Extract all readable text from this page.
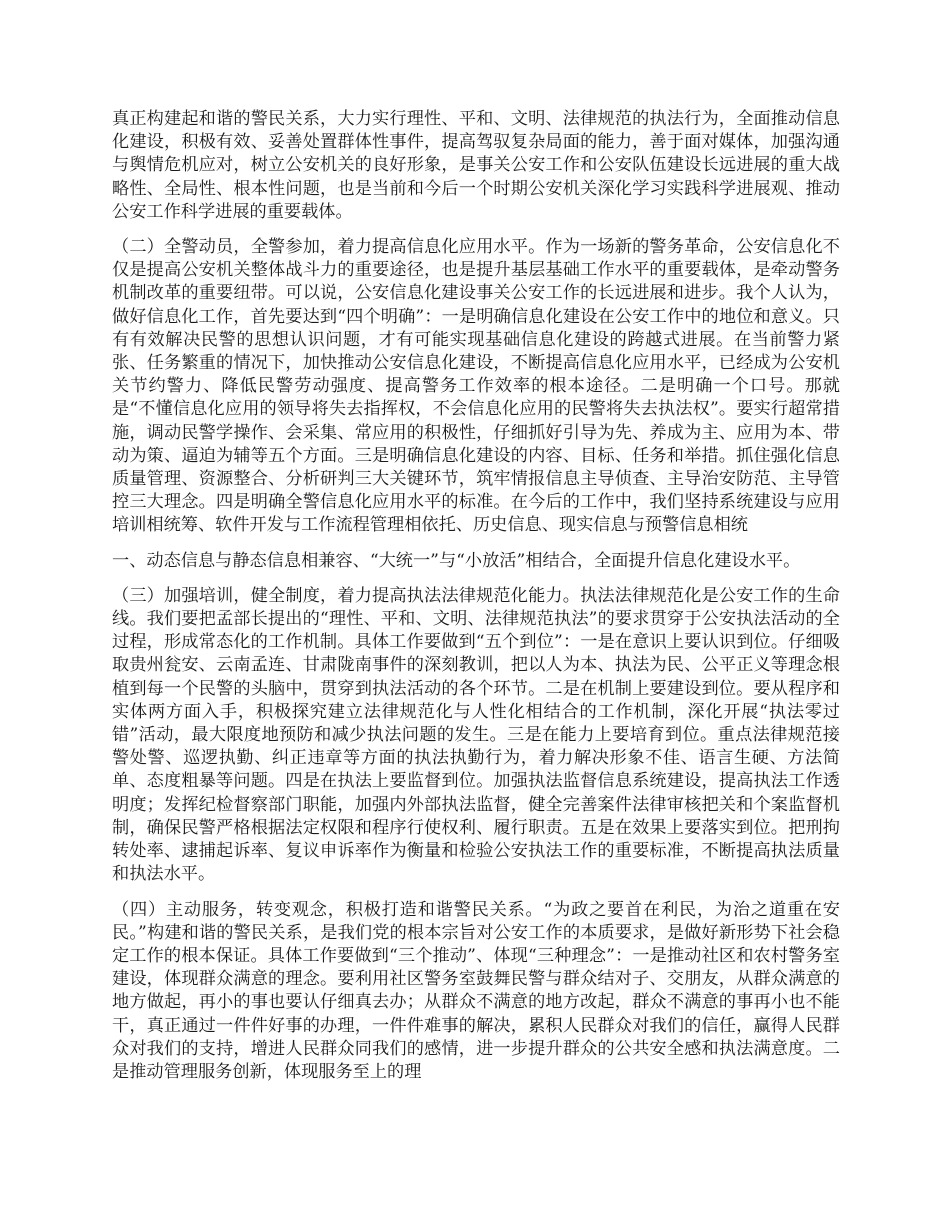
真正构建起和谐的警民关系，大力实行理性、平和、文明、法律规范的执法行为，全面推动信息化建设，积极有效、妥善处置群体性事件，提高驾驭复杂局面的能力，善于面对媒体，加强沟通与舆情危机应对，树立公安机关的良好形象，是事关公安工作和公安队伍建设长远进展的重大战略性、全局性、根本性问题，也是当前和今后一个时期公安机关深化学习实践科学进展观、推动公安工作科学进展的重要载体。

（二）全警动员，全警参加，着力提高信息化应用水平。作为一场新的警务革命，公安信息化不仅是提高公安机关整体战斗力的重要途径，也是提升基层基础工作水平的重要载体，是牵动警务机制改革的重要纽带。可以说，公安信息化建设事关公安工作的长远进展和进步。我个人认为，做好信息化工作，首先要达到“四个明确”：一是明确信息化建设在公安工作中的地位和意义。只有有效解决民警的思想认识问题，才有可能实现基础信息化建设的跨越式进展。在当前警力紧张、任务繁重的情况下，加快推动公安信息化建设，不断提高信息化应用水平，已经成为公安机关节约警力、降低民警劳动强度、提高警务工作效率的根本途径。二是明确一个口号。那就是“不懂信息化应用的领导将失去指挥权，不会信息化应用的民警将失去执法权”。要实行超常措施，调动民警学操作、会采集、常应用的积极性，仔细抓好引导为先、养成为主、应用为本、带动为策、逼迫为辅等五个方面。三是明确信息化建设的内容、目标、任务和举措。抓住强化信息质量管理、资源整合、分析研判三大关键环节，筑牢情报信息主导侦查、主导治安防范、主导管控三大理念。四是明确全警信息化应用水平的标准。在今后的工作中，我们坚持系统建设与应用培训相统筹、软件开发与工作流程管理相依托、历史信息、现实信息与预警信息相统

一、动态信息与静态信息相兼容、“大统一”与“小放活”相结合，全面提升信息化建设水平。

（三）加强培训，健全制度，着力提高执法法律规范化能力。执法法律规范化是公安工作的生命线。我们要把孟部长提出的“理性、平和、文明、法律规范执法”的要求贯穿于公安执法活动的全过程，形成常态化的工作机制。具体工作要做到“五个到位”：一是在意识上要认识到位。仔细吸取贵州瓮安、云南孟连、甘肃陇南事件的深刻教训，把以人为本、执法为民、公平正义等理念根植到每一个民警的头脑中，贯穿到执法活动的各个环节。二是在机制上要建设到位。要从程序和实体两方面入手，积极探究建立法律规范化与人性化相结合的工作机制，深化开展“执法零过错”活动，最大限度地预防和减少执法问题的发生。三是在能力上要培育到位。重点法律规范接警处警、巡逻执勤、纠正违章等方面的执法执勤行为，着力解决形象不佳、语言生硬、方法简单、态度粗暴等问题。四是在执法上要监督到位。加强执法监督信息系统建设，提高执法工作透明度；发挥纪检督察部门职能，加强内外部执法监督，健全完善案件法律审核把关和个案监督机制，确保民警严格根据法定权限和程序行使权利、履行职责。五是在效果上要落实到位。把刑拘转处率、逮捕起诉率、复议申诉率作为衡量和检验公安执法工作的重要标准，不断提高执法质量和执法水平。

（四）主动服务，转变观念，积极打造和谐警民关系。“为政之要首在利民，为治之道重在安民。”构建和谐的警民关系，是我们党的根本宗旨对公安工作的本质要求，是做好新形势下社会稳定工作的根本保证。具体工作要做到“三个推动”、体现“三种理念”：一是推动社区和农村警务室建设，体现群众满意的理念。要利用社区警务室鼓舞民警与群众结对子、交朋友，从群众满意的地方做起，再小的事也要认仔细真去办；从群众不满意的地方改起，群众不满意的事再小也不能干，真正通过一件件好事的办理，一件件难事的解决，累积人民群众对我们的信任，赢得人民群众对我们的支持，增进人民群众同我们的感情，进一步提升群众的公共安全感和执法满意度。二是推动管理服务创新，体现服务至上的理
